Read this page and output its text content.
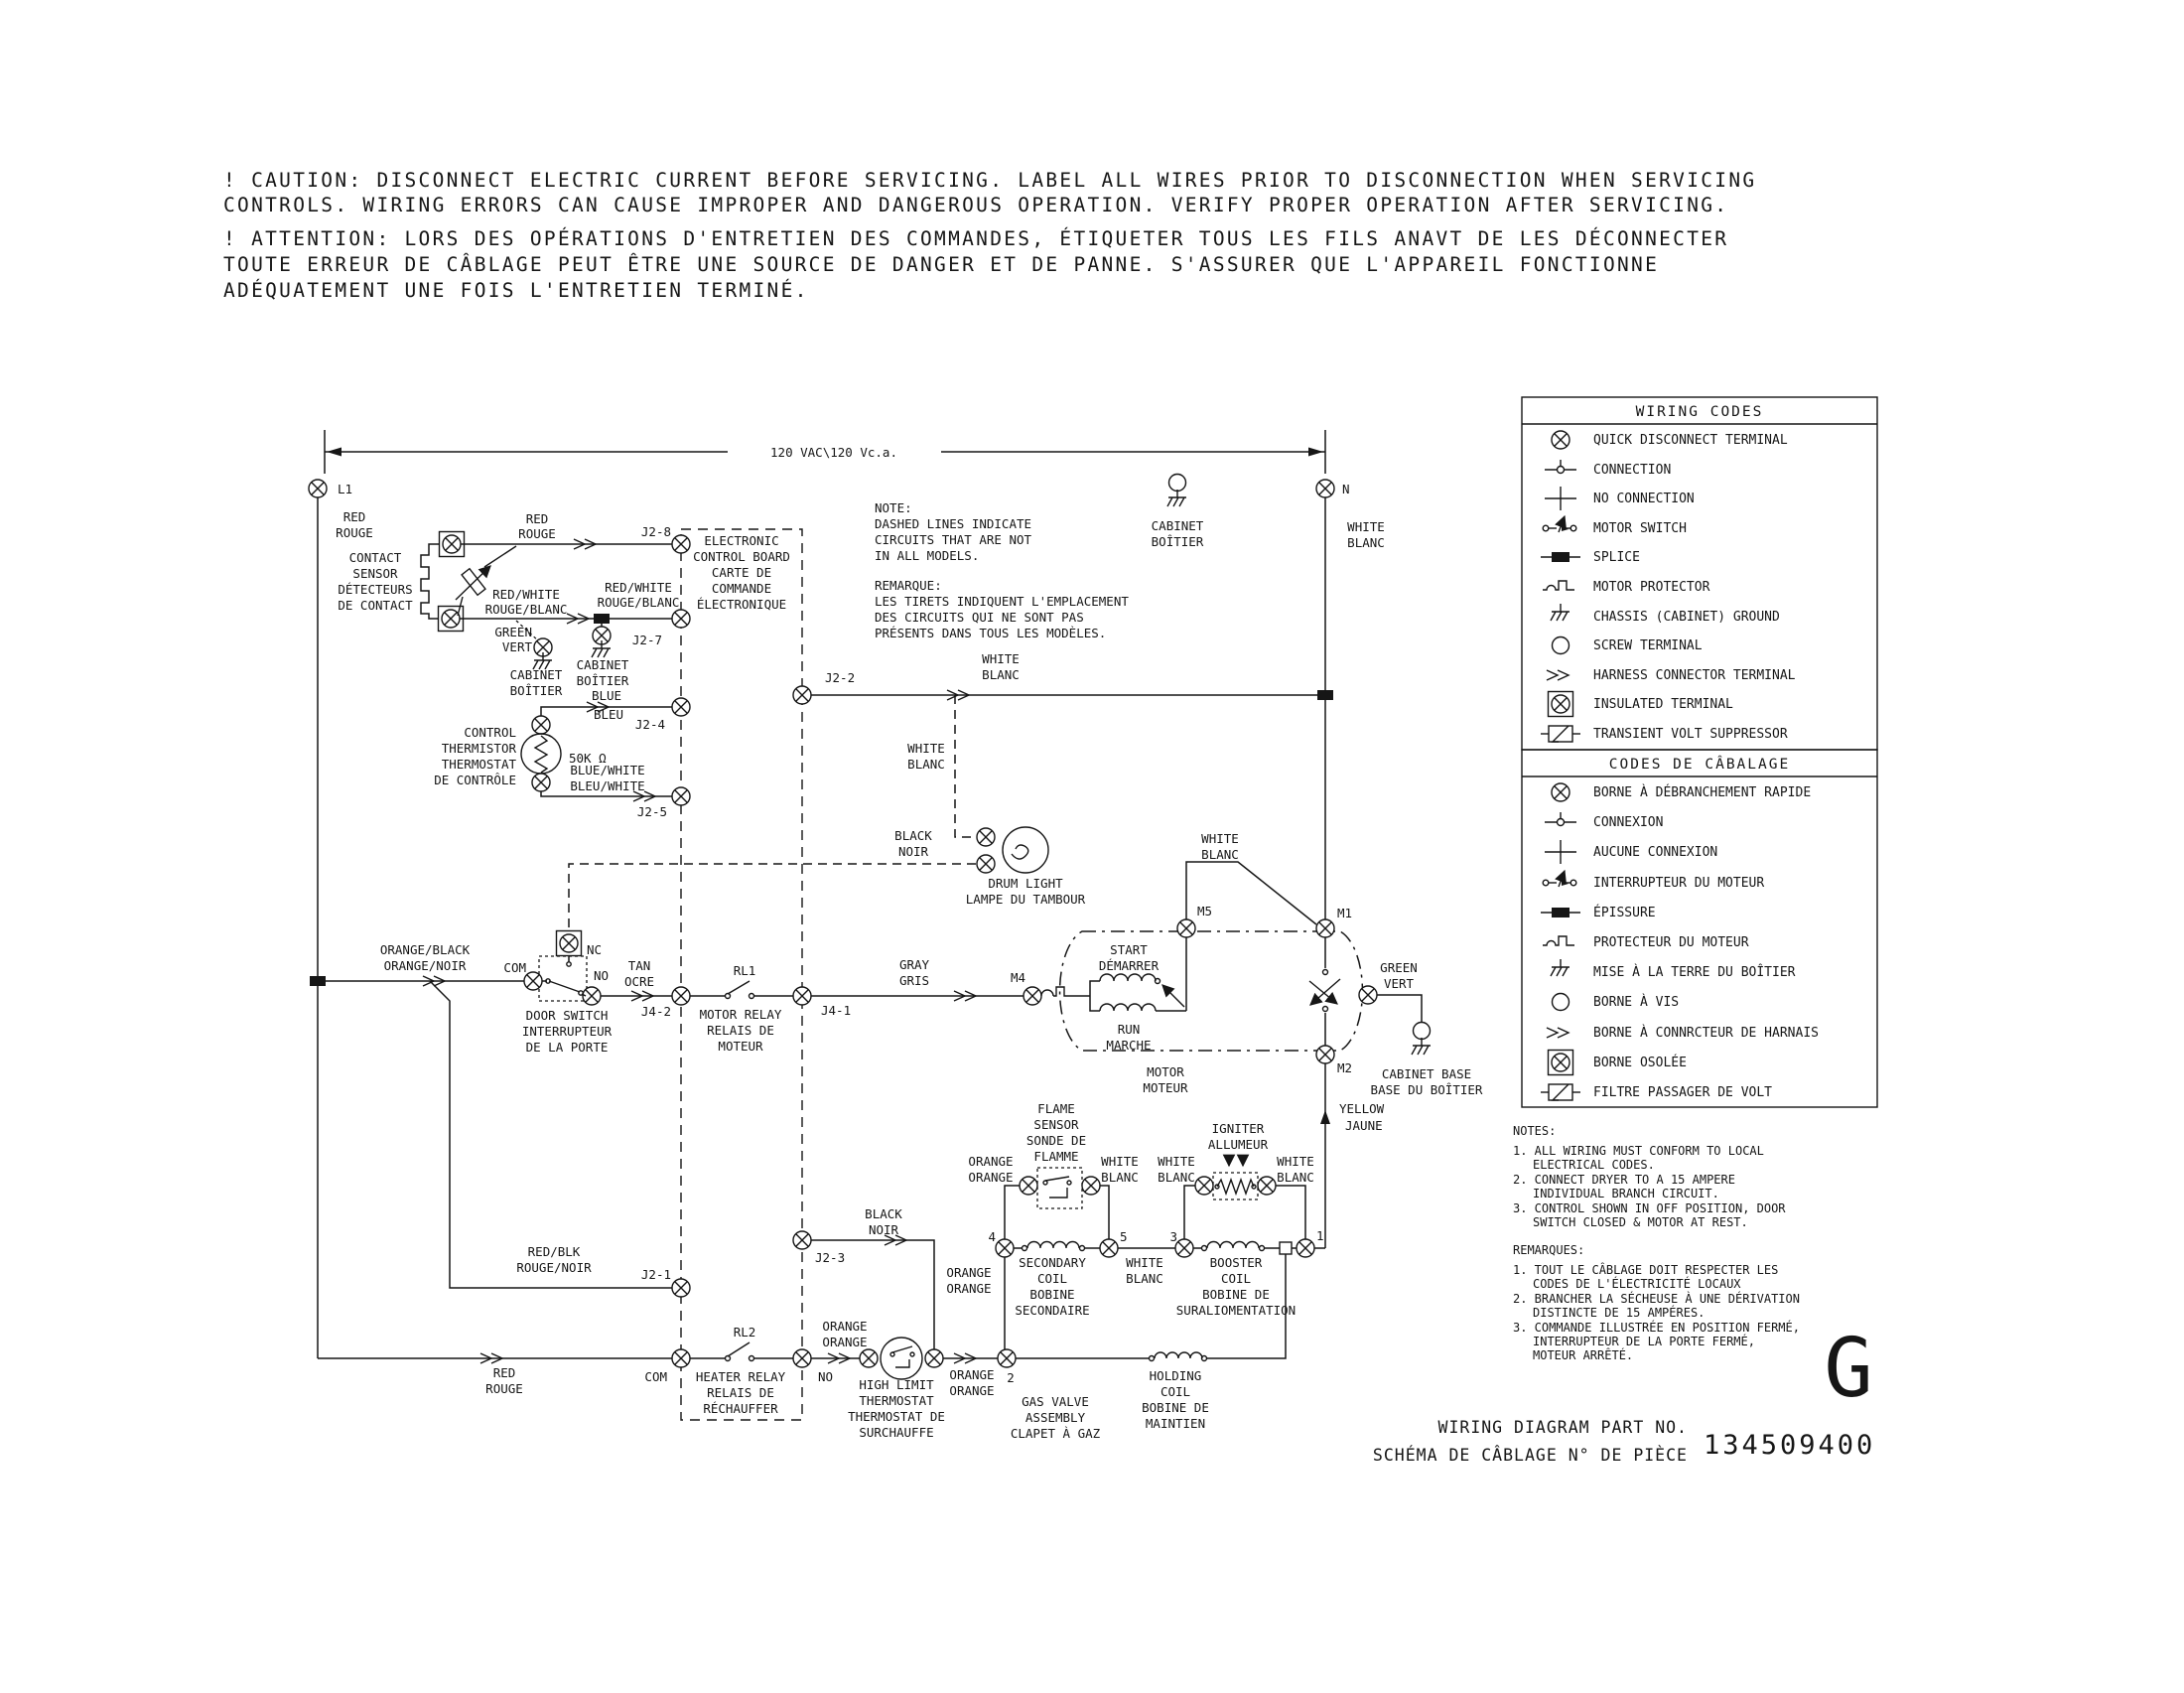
! CAUTION: DISCONNECT ELECTRIC CURRENT BEFORE SERVICING. LABEL ALL WIRES PRIOR TO DISCONNECTION WHEN SERVICING
CONTROLS. WIRING ERRORS CAN CAUSE IMPROPER AND DANGEROUS OPERATION. VERIFY PROPER OPERATION AFTER SERVICING.
! ATTENTION: LORS DES OPÉRATIONS D'ENTRETIEN DES COMMANDES, ÉTIQUETER TOUS LES FILS ANAVT DE LES DÉCONNECTER
TOUTE ERREUR DE CÂBLAGE PEUT ÊTRE UNE SOURCE DE DANGER ET DE PANNE. S'ASSURER QUE L'APPAREIL FONCTIONNE
ADÉQUATEMENT UNE FOIS L'ENTRETIEN TERMINÉ.
120 VAC\120 Vc.a.
L1
RED
ROUGE
N
WHITE
BLANC
CABINET
BOÎTIER
CONTACT
SENSOR
DÉTECTEURS
DE CONTACT
RED
ROUGE	J2-8
RED/WHITE
ROUGE/BLANC
RED/WHITE
ROUGE/BLANC
J2-7
CABINET
BOÎTIER
GREEN
VERT
CABINET
BOÎTIER
CONTROL
THERMISTOR
THERMOSTAT
DE CONTRÔLE
50K Ω
BLUE
BLEU
J2-4
BLUE/WHITE
BLEU/WHITE
J2-5
ELECTRONIC
CONTROL BOARD
CARTE DE
COMMANDE
ÉLECTRONIQUE
NOTE:
DASHED LINES INDICATE
CIRCUITS THAT ARE NOT
IN ALL MODELS.
REMARQUE:
LES TIRETS INDIQUENT L'EMPLACEMENT
DES CIRCUITS QUI NE SONT PAS
PRÉSENTS DANS TOUS LES MODÈLES.
J2-2
WHITE
BLANC
WHITE
BLANC
DRUM LIGHT
LAMPE DU TAMBOUR
BLACK
NOIR
NC
NO
COM
DOOR SWITCH
INTERRUPTEUR
DE LA PORTE
ORANGE/BLACK
ORANGE/NOIR
RED/BLK
ROUGE/NOIR	J2-1
TAN
OCRE
J4-2
RL1
MOTOR RELAY
RELAIS DE
MOTEUR
J4-1
GRAY
GRIS	M4
START
DÉMARRER
RUN
MARCHE
MOTOR
MOTEUR
M5
WHITE
BLANC
M1
M2
GREEN
VERT
CABINET BASE
BASE DU BOÎTIER
YELLOW
JAUNE
RED
ROUGE
COM
RL2
HEATER RELAY
RELAIS DE
RÉCHAUFFER
NO
J2-3
BLACK
NOIR
ORANGE
ORANGE
HIGH LIMIT
THERMOSTAT
THERMOSTAT DE
SURCHAUFFE
ORANGE
ORANGE
2
GAS VALVE
ASSEMBLY
CLAPET À GAZ
HOLDING
COIL
BOBINE DE
MAINTIEN
ORANGE
ORANGE
4
SECONDARY
COIL
BOBINE
SECONDAIRE
5
WHITE
BLANC
3	1
BOOSTER
COIL
BOBINE DE
SURALIOMENTATION
FLAME
SENSOR
SONDE DE
FLAMME
ORANGE
ORANGE
WHITE
BLANC
IGNITER
ALLUMEUR
WHITE
BLANC
WHITE
BLANC
WIRING CODES
QUICK DISCONNECT TERMINAL
CONNECTION
NO CONNECTION
MOTOR SWITCH
SPLICE
MOTOR PROTECTOR
CHASSIS (CABINET) GROUND
SCREW TERMINAL
HARNESS CONNECTOR TERMINAL
INSULATED TERMINAL
TRANSIENT VOLT SUPPRESSOR
CODES DE CÂBALAGE
BORNE À DÉBRANCHEMENT RAPIDE
CONNEXION
AUCUNE CONNEXION
INTERRUPTEUR DU MOTEUR
ÉPISSURE
PROTECTEUR DU MOTEUR
MISE À LA TERRE DU BOÎTIER
BORNE À VIS
BORNE À CONNRCTEUR DE HARNAIS
BORNE OSOLÉE
FILTRE PASSAGER DE VOLT
NOTES:
1. ALL WIRING MUST CONFORM TO LOCAL
ELECTRICAL CODES.
2. CONNECT DRYER TO A 15 AMPERE
INDIVIDUAL BRANCH CIRCUIT.
3. CONTROL SHOWN IN OFF POSITION, DOOR
SWITCH CLOSED & MOTOR AT REST.
REMARQUES:
1. TOUT LE CÂBLAGE DOIT RESPECTER LES
CODES DE L'ÉLECTRICITÉ LOCAUX
2. BRANCHER LA SÉCHEUSE À UNE DÉRIVATION
DISTINCTE DE 15 AMPÉRES.
3. COMMANDE ILLUSTRÉE EN POSITION FERMÉ,
INTERRUPTEUR DE LA PORTE FERMÉ,
MOTEUR ARRÊTÉ. G
WIRING DIAGRAM PART NO.
SCHÉMA DE CÂBLAGE N° DE PIÈCE 134509400
